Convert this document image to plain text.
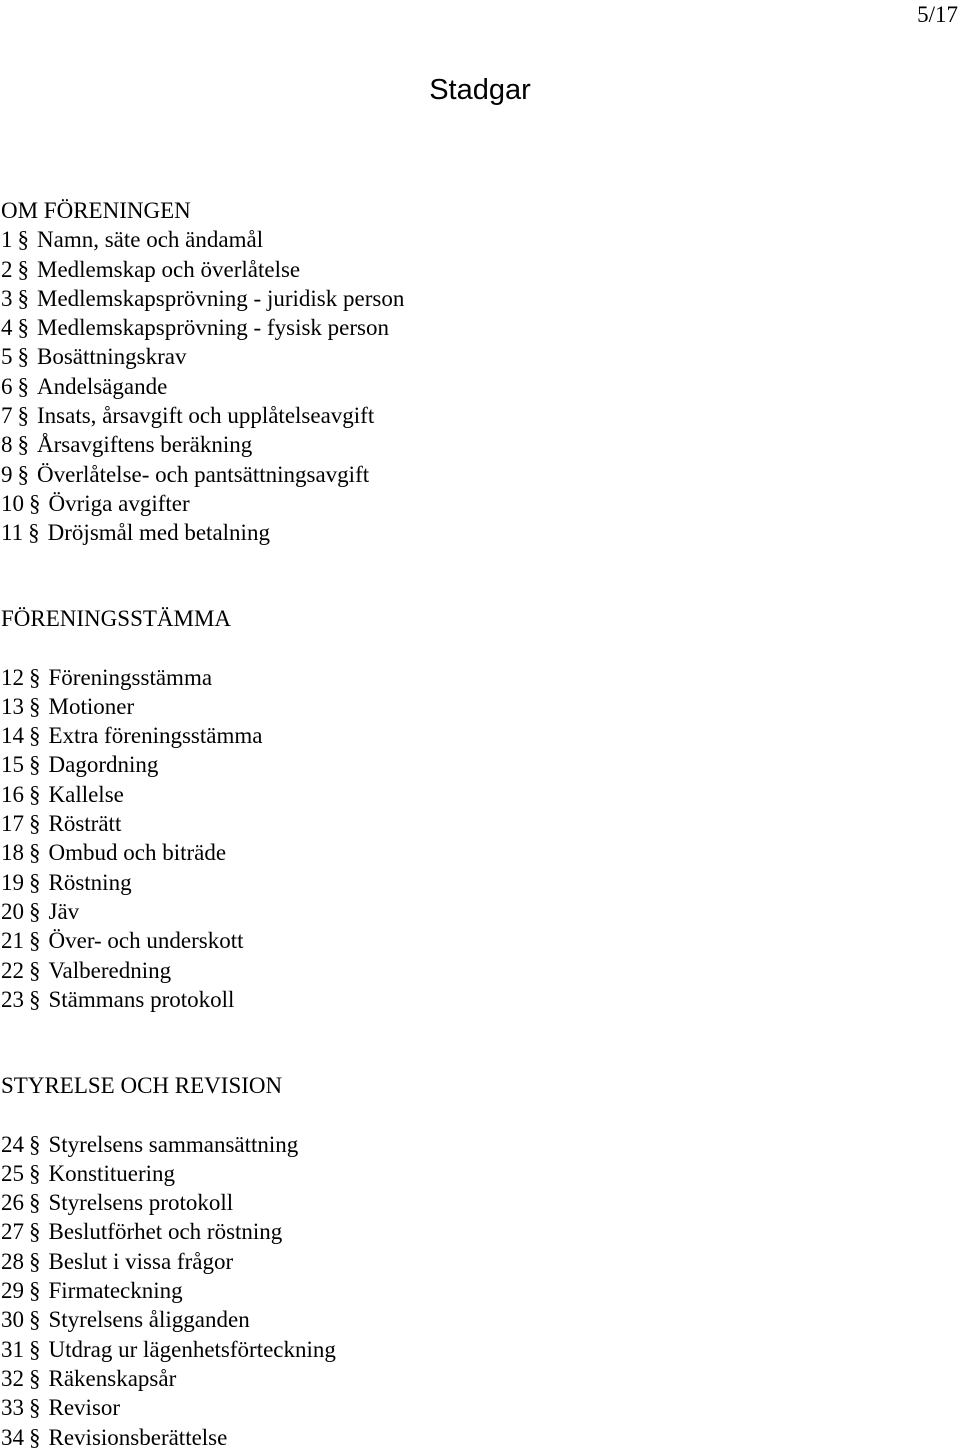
5/17
Stadgar
OM FÖRENINGEN
1 § Namn, säte och ändamål
2 § Medlemskap och överlåtelse
3 § Medlemskapsprövning - juridisk person
4 § Medlemskapsprövning - fysisk person
5 § Bosättningskrav
6 § Andelsägande
7 § Insats, årsavgift och upplåtelseavgift
8 § Årsavgiftens beräkning
9 § Överlåtelse- och pantsättningsavgift
10 § Övriga avgifter
11 § Dröjsmål med betalning
FÖRENINGSSTÄMMA
12 § Föreningsstämma
13 § Motioner
14 § Extra föreningsstämma
15 § Dagordning
16 § Kallelse
17 § Rösträtt
18 § Ombud och biträde
19 § Röstning
20 § Jäv
21 § Över- och underskott
22 § Valberedning
23 § Stämmans protokoll
STYRELSE OCH REVISION
24 § Styrelsens sammansättning
25 § Konstituering
26 § Styrelsens protokoll
27 § Beslutförhet och röstning
28 § Beslut i vissa frågor
29 § Firmateckning
30 § Styrelsens åligganden
31 § Utdrag ur lägenhetsförteckning
32 § Räkenskapsår
33 § Revisor
34 § Revisionsberättelse
